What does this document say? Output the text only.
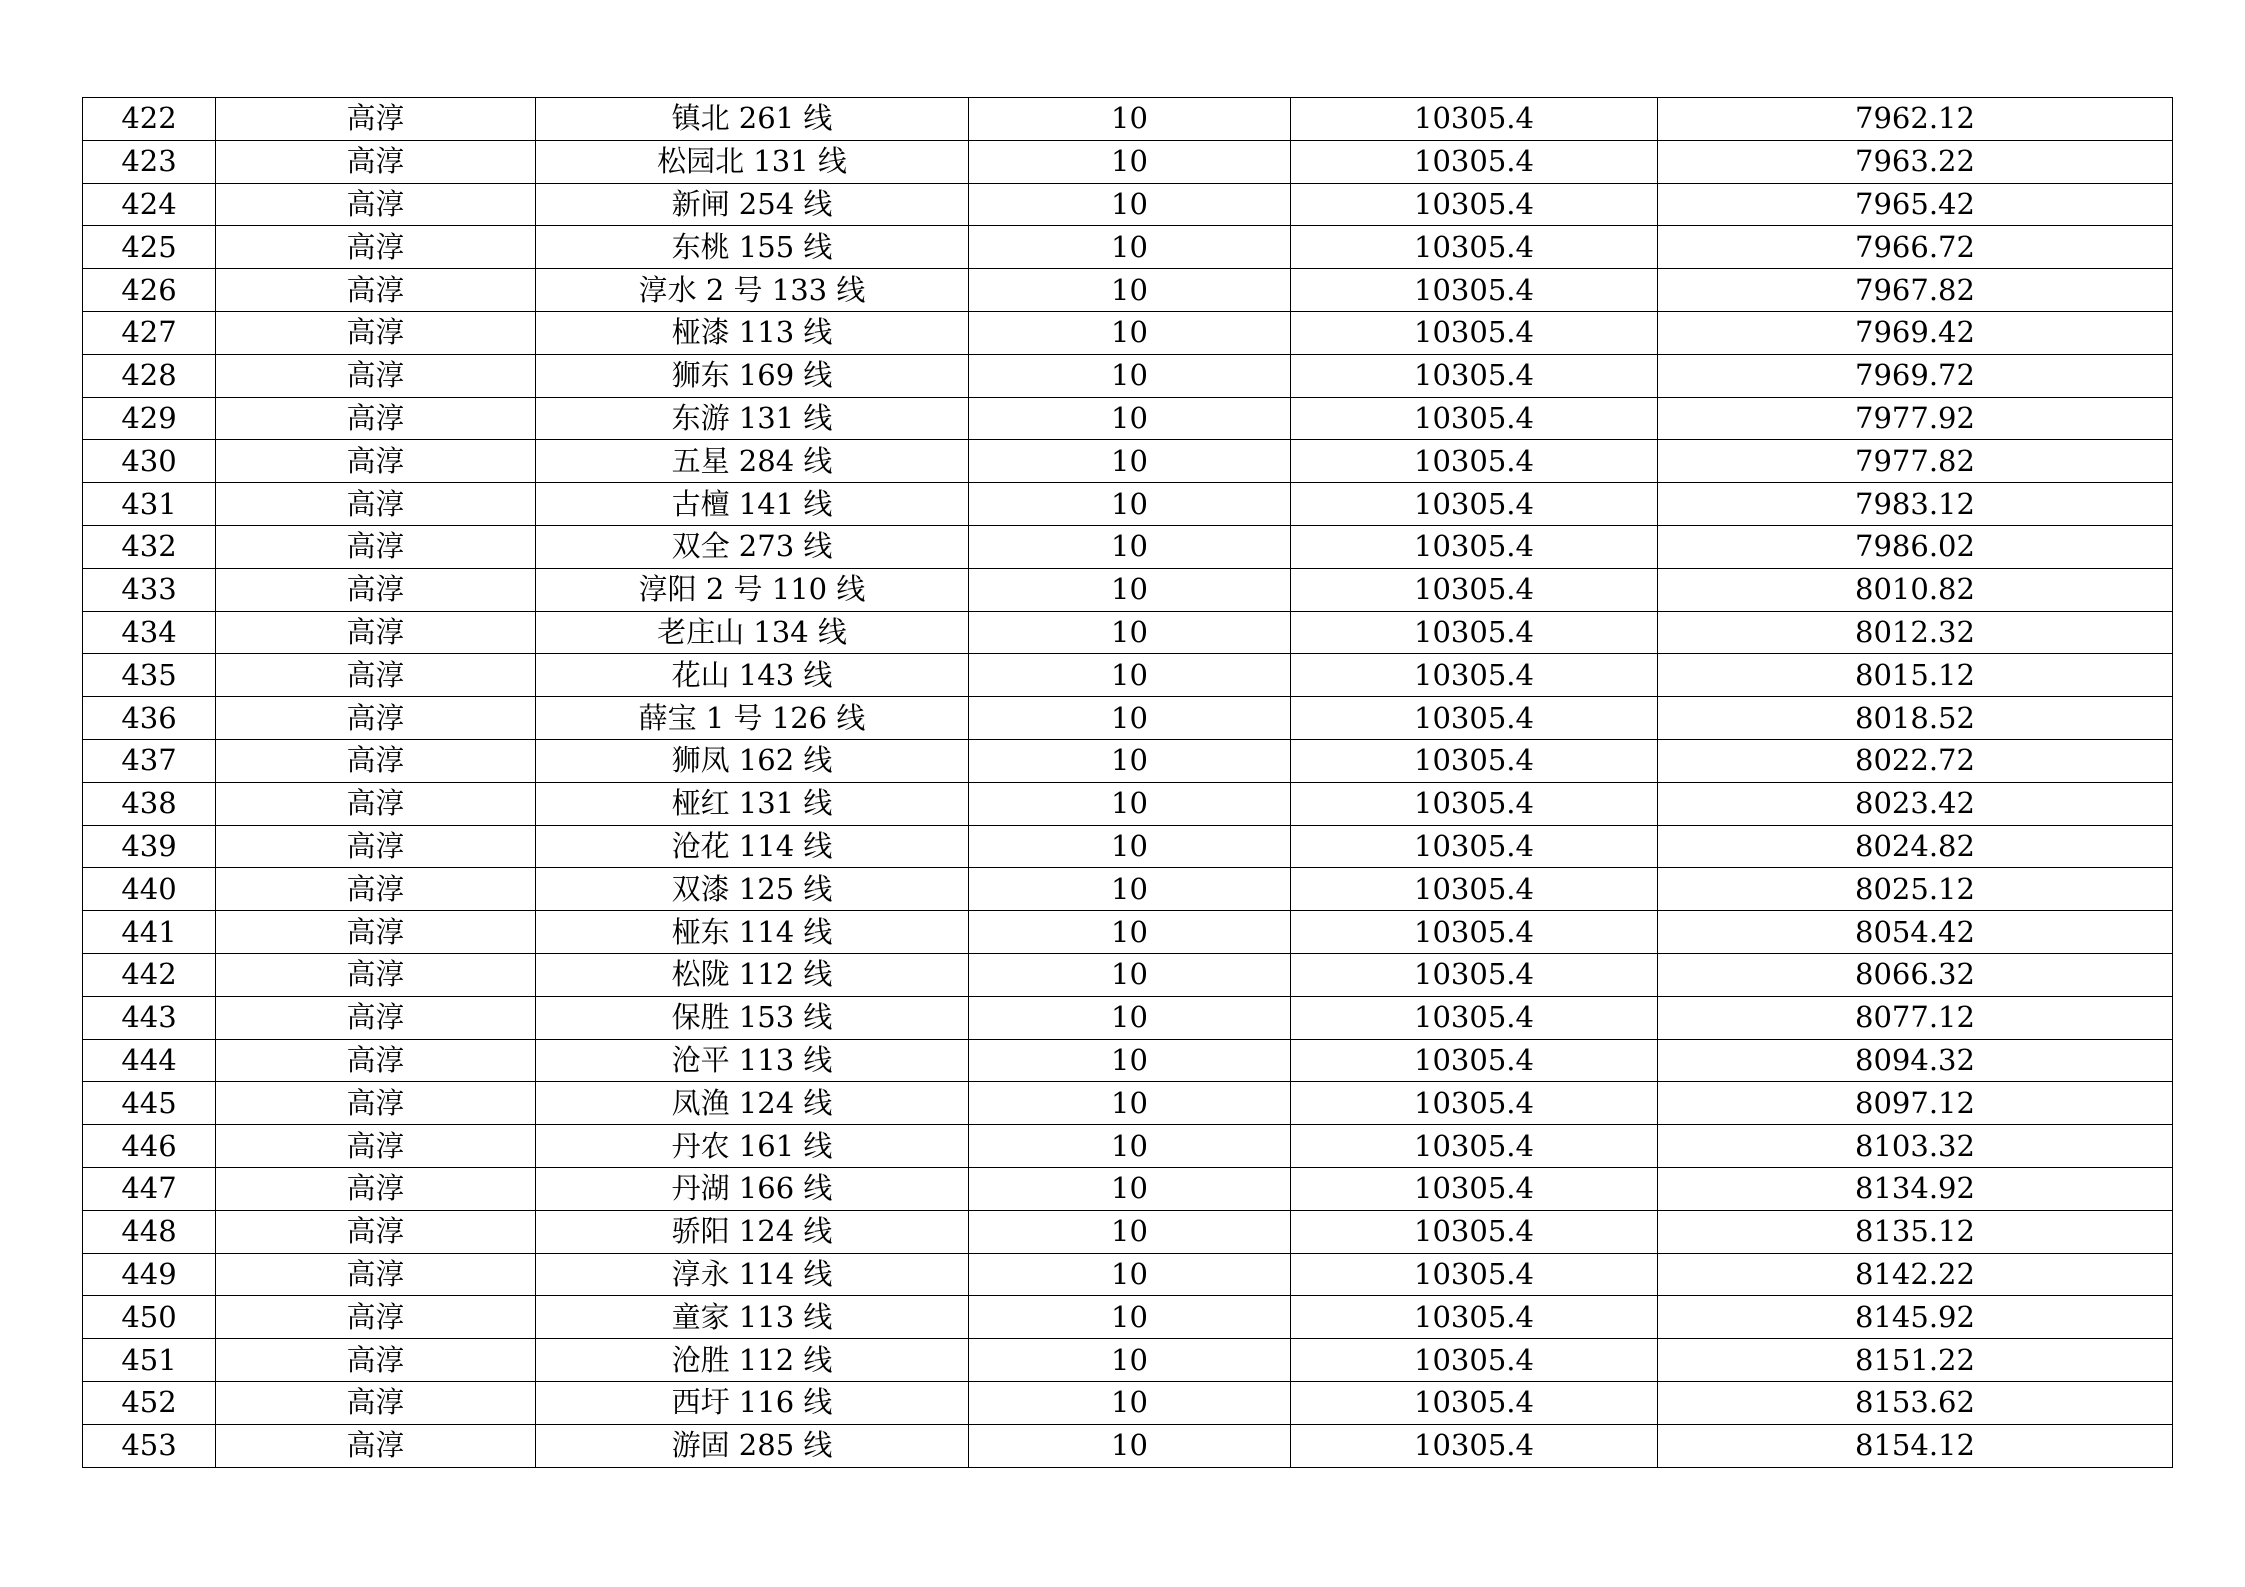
422	高淳	镇北 261 线	10	10305.4	7962.12
423	高淳	松园北 131 线	10	10305.4	7963.22
424	高淳	新闸 254 线	10	10305.4	7965.42
425	高淳	东桃 155 线	10	10305.4	7966.72
426	高淳	淳水 2 号 133 线	10	10305.4	7967.82
427	高淳	桠漆 113 线	10	10305.4	7969.42
428	高淳	狮东 169 线	10	10305.4	7969.72
429	高淳	东游 131 线	10	10305.4	7977.92
430	高淳	五星 284 线	10	10305.4	7977.82
431	高淳	古檀 141 线	10	10305.4	7983.12
432	高淳	双全 273 线	10	10305.4	7986.02
433	高淳	淳阳 2 号 110 线	10	10305.4	8010.82
434	高淳	老庄山 134 线	10	10305.4	8012.32
435	高淳	花山 143 线	10	10305.4	8015.12
436	高淳	薛宝 1 号 126 线	10	10305.4	8018.52
437	高淳	狮凤 162 线	10	10305.4	8022.72
438	高淳	桠红 131 线	10	10305.4	8023.42
439	高淳	沧花 114 线	10	10305.4	8024.82
440	高淳	双漆 125 线	10	10305.4	8025.12
441	高淳	桠东 114 线	10	10305.4	8054.42
442	高淳	松陇 112 线	10	10305.4	8066.32
443	高淳	保胜 153 线	10	10305.4	8077.12
444	高淳	沧平 113 线	10	10305.4	8094.32
445	高淳	凤渔 124 线	10	10305.4	8097.12
446	高淳	丹农 161 线	10	10305.4	8103.32
447	高淳	丹湖 166 线	10	10305.4	8134.92
448	高淳	骄阳 124 线	10	10305.4	8135.12
449	高淳	淳永 114 线	10	10305.4	8142.22
450	高淳	童家 113 线	10	10305.4	8145.92
451	高淳	沧胜 112 线	10	10305.4	8151.22
452	高淳	西圩 116 线	10	10305.4	8153.62
453	高淳	游固 285 线	10	10305.4	8154.12
